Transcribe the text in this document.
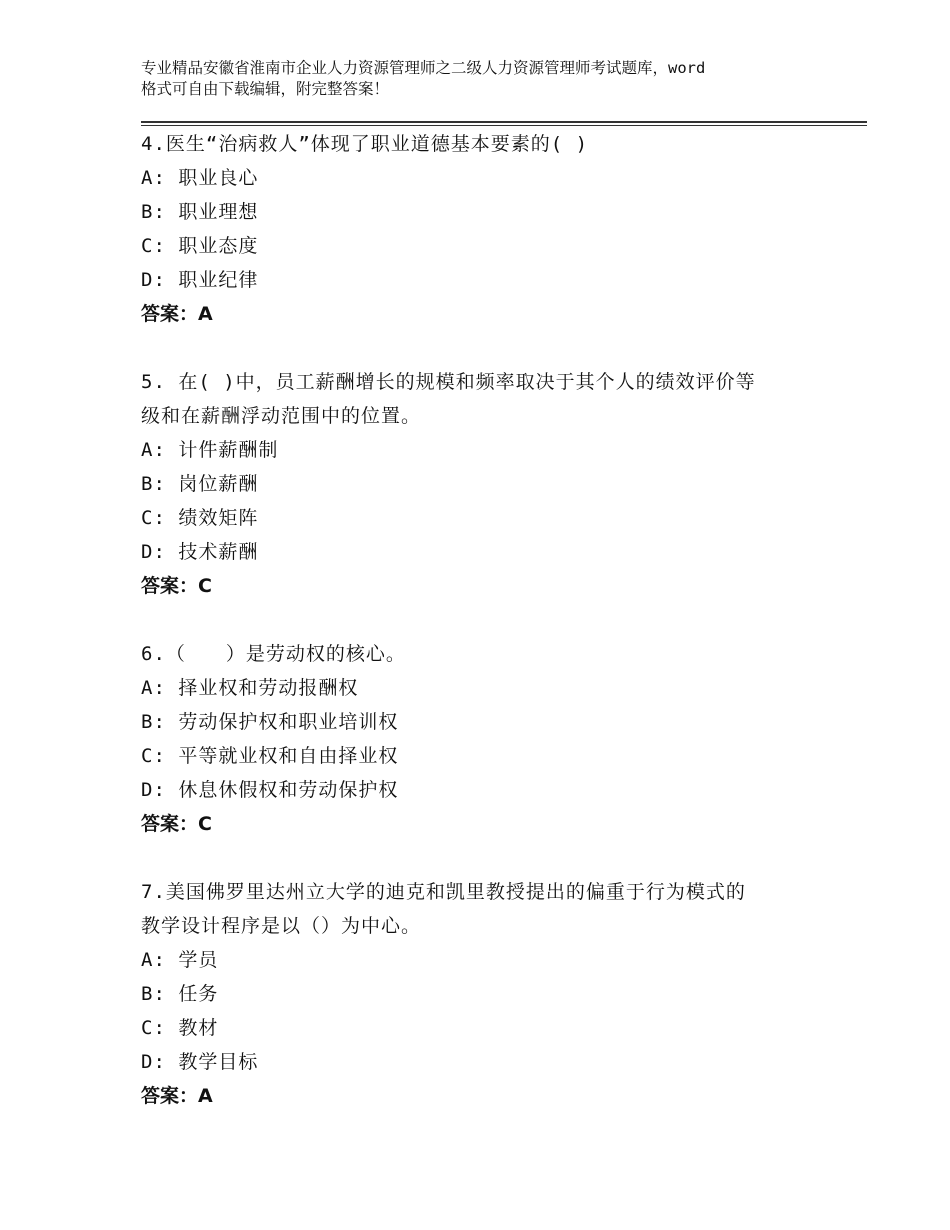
专业精品安徽省淮南市企业人力资源管理师之二级人力资源管理师考试题库，word
格式可自由下载编辑，附完整答案！
4.医生“治病救人”体现了职业道德基本要素的( )
A: 职业良心
B: 职业理想
C: 职业态度
D: 职业纪律
答案：A
5. 在( )中，员工薪酬增长的规模和频率取决于其个人的绩效评价等
级和在薪酬浮动范围中的位置。
A: 计件薪酬制
B: 岗位薪酬
C: 绩效矩阵
D: 技术薪酬
答案：C
6.（　　）是劳动权的核心。
A: 择业权和劳动报酬权
B: 劳动保护权和职业培训权
C: 平等就业权和自由择业权
D: 休息休假权和劳动保护权
答案：C
7.美国佛罗里达州立大学的迪克和凯里教授提出的偏重于行为模式的
教学设计程序是以（）为中心。
A: 学员
B: 任务
C: 教材
D: 教学目标
答案：A
